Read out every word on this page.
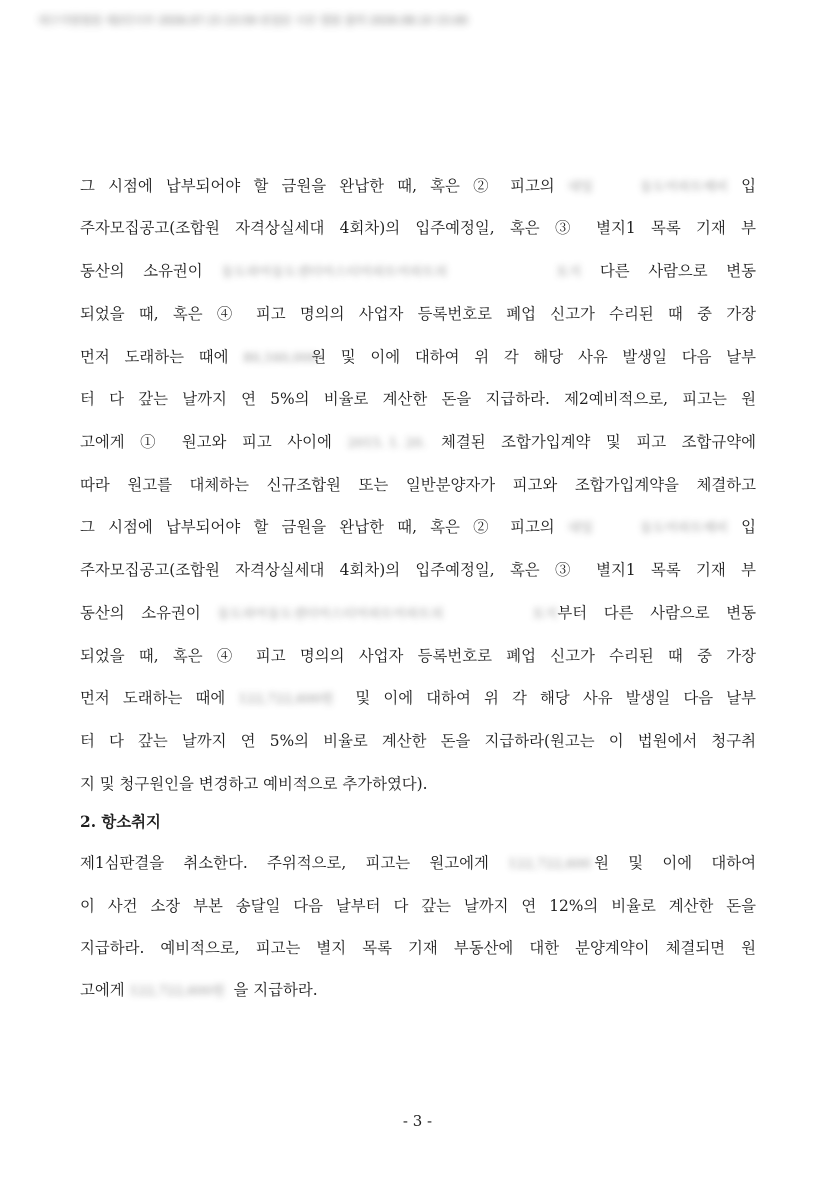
대구지방법원 제2민사부 2026.07.15 23:59 판결문 사본 열람 출력 2026.08.10 15:00
그 시점에 납부되어야 할 금원을 완납한 때, 혹은 ② 피고의 대일 동도아파트예비 입
주자모집공고(조합원 자격상실세대 4회차)의 입주예정일, 혹은 ③ 별지1 목록 기재 부
동산의 소유권이 동도파아동도센터아스티아파트아파트의 토지 다른 사람으로 변동
되었을 때, 혹은 ④ 피고 명의의 사업자 등록번호로 폐업 신고가 수리된 때 중 가장
먼저 도래하는 때에 80,160,000원 및 이에 대하여 위 각 해당 사유 발생일 다음 날부
터 다 갚는 날까지 연 5%의 비율로 계산한 돈을 지급하라. 제2예비적으로, 피고는 원
고에게 ① 원고와 피고 사이에 2015. 1. 20. 체결된 조합가입계약 및 피고 조합규약에
따라 원고를 대체하는 신규조합원 또는 일반분양자가 피고와 조합가입계약을 체결하고
그 시점에 납부되어야 할 금원을 완납한 때, 혹은 ② 피고의 대일 동도아파트예비 입
주자모집공고(조합원 자격상실세대 4회차)의 입주예정일, 혹은 ③ 별지1 목록 기재 부
동산의 소유권이 동도파아동도센터아스티아파트아파트의 토지부터 다른 사람으로 변동
되었을 때, 혹은 ④ 피고 명의의 사업자 등록번호로 폐업 신고가 수리된 때 중 가장
먼저 도래하는 때에 122,722,600원 및 이에 대하여 위 각 해당 사유 발생일 다음 날부
터 다 갚는 날까지 연 5%의 비율로 계산한 돈을 지급하라(원고는 이 법원에서 청구취
지 및 청구원인을 변경하고 예비적으로 추가하였다).
2. 항소취지
제1심판결을 취소한다. 주위적으로, 피고는 원고에게 122,722,600 원 및 이에 대하여
이 사건 소장 부본 송달일 다음 날부터 다 갚는 날까지 연 12%의 비율로 계산한 돈을
지급하라. 예비적으로, 피고는 별지 목록 기재 부동산에 대한 분양계약이 체결되면 원
고에게 122,722,600원 을 지급하라.
- 3 -
